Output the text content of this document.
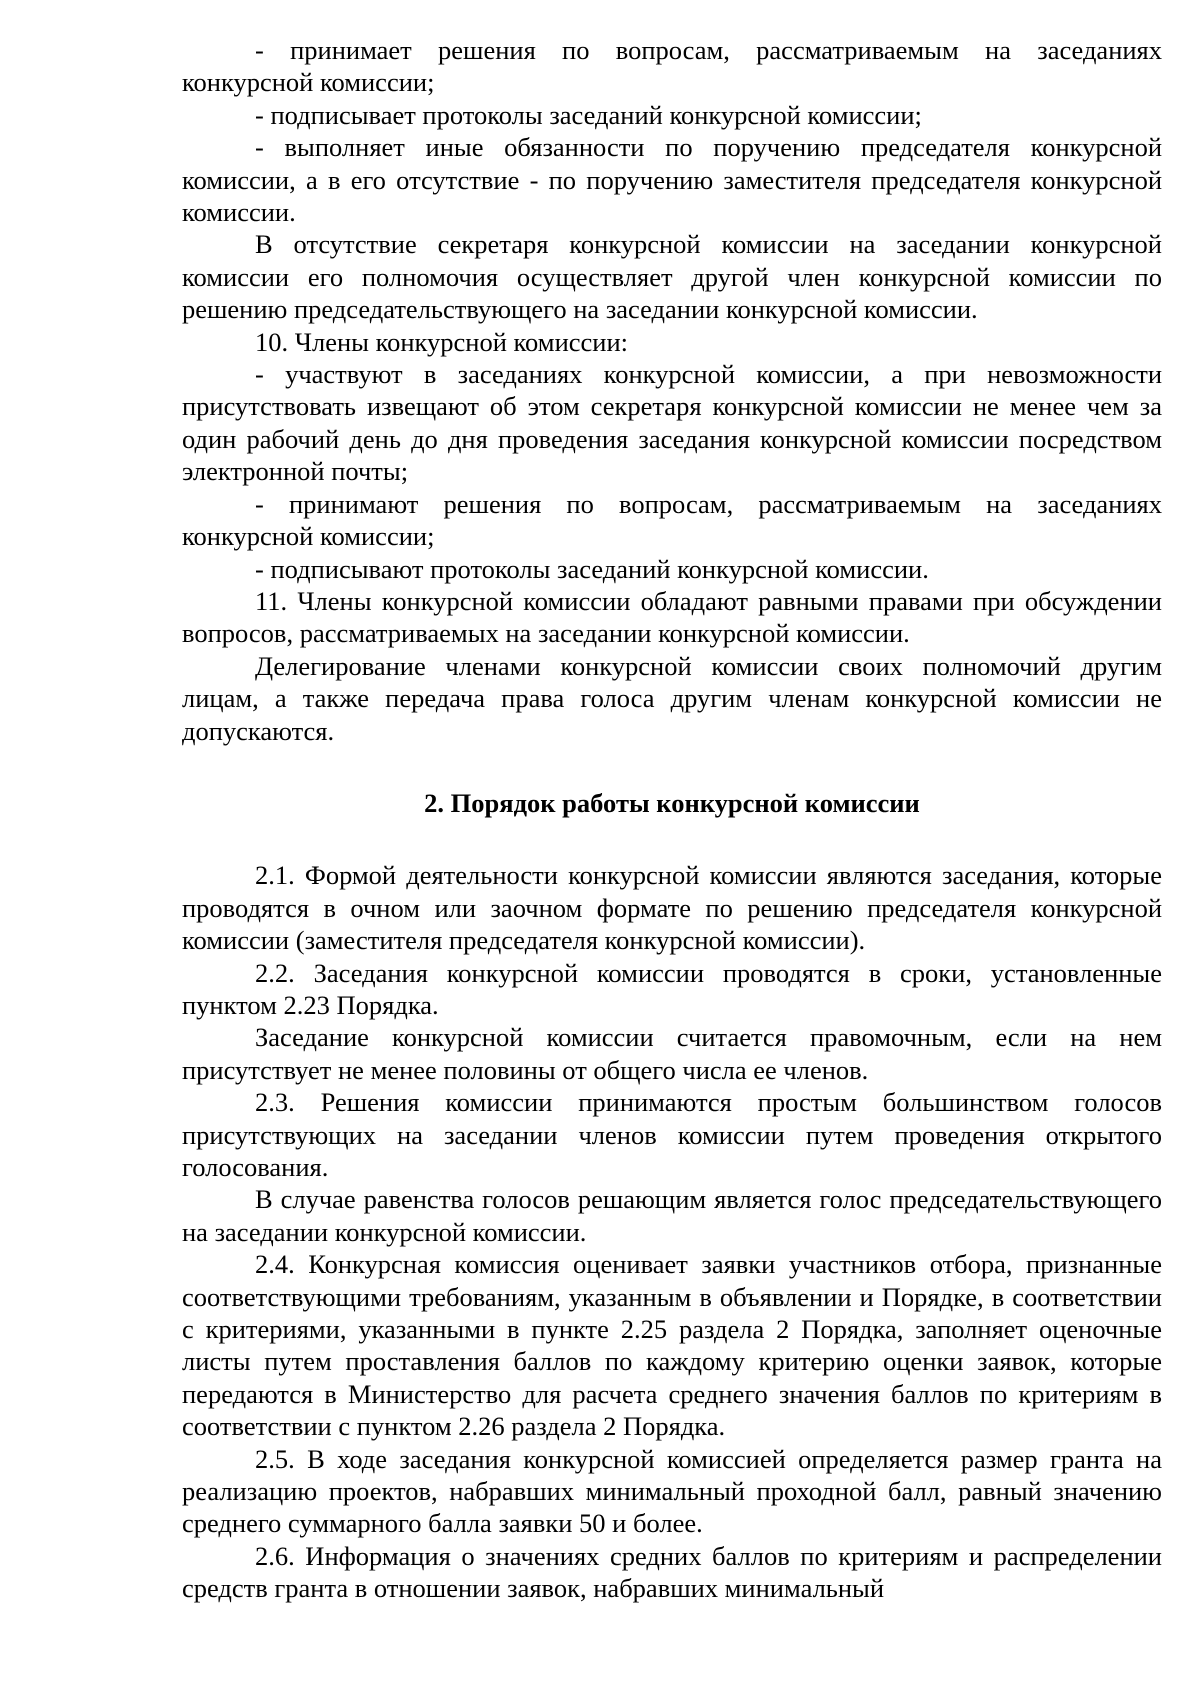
- принимает решения по вопросам, рассматриваемым на заседаниях конкурсной комиссии;

- подписывает протоколы заседаний конкурсной комиссии;

- выполняет иные обязанности по поручению председателя конкурсной комиссии, а в его отсутствие - по поручению заместителя председателя конкурсной комиссии.

В отсутствие секретаря конкурсной комиссии на заседании конкурсной комиссии его полномочия осуществляет другой член конкурсной комиссии по решению председательствующего на заседании конкурсной комиссии.

10. Члены конкурсной комиссии:

- участвуют в заседаниях конкурсной комиссии, а при невозможности присутствовать извещают об этом секретаря конкурсной комиссии не менее чем за один рабочий день до дня проведения заседания конкурсной комиссии посредством электронной почты;

- принимают решения по вопросам, рассматриваемым на заседаниях конкурсной комиссии;

- подписывают протоколы заседаний конкурсной комиссии.

11. Члены конкурсной комиссии обладают равными правами при обсуждении вопросов, рассматриваемых на заседании конкурсной комиссии.

Делегирование членами конкурсной комиссии своих полномочий другим лицам, а также передача права голоса другим членам конкурсной комиссии не допускаются.

2. Порядок работы конкурсной комиссии

2.1. Формой деятельности конкурсной комиссии являются заседания, которые проводятся в очном или заочном формате по решению председателя конкурсной комиссии (заместителя председателя конкурсной комиссии).

2.2. Заседания конкурсной комиссии проводятся в сроки, установленные пунктом 2.23 Порядка.

Заседание конкурсной комиссии считается правомочным, если на нем присутствует не менее половины от общего числа ее членов.

2.3. Решения комиссии принимаются простым большинством голосов присутствующих на заседании членов комиссии путем проведения открытого голосования.

В случае равенства голосов решающим является голос председательствующего на заседании конкурсной комиссии.

2.4. Конкурсная комиссия оценивает заявки участников отбора, признанные соответствующими требованиям, указанным в объявлении и Порядке, в соответствии с критериями, указанными в пункте 2.25 раздела 2 Порядка, заполняет оценочные листы путем проставления баллов по каждому критерию оценки заявок, которые передаются в Министерство для расчета среднего значения баллов по критериям в соответствии с пунктом 2.26 раздела 2 Порядка.

2.5. В ходе заседания конкурсной комиссией определяется размер гранта на реализацию проектов, набравших минимальный проходной балл, равный значению среднего суммарного балла заявки 50 и более.

2.6. Информация о значениях средних баллов по критериям и распределении средств гранта в отношении заявок, набравших минимальный
